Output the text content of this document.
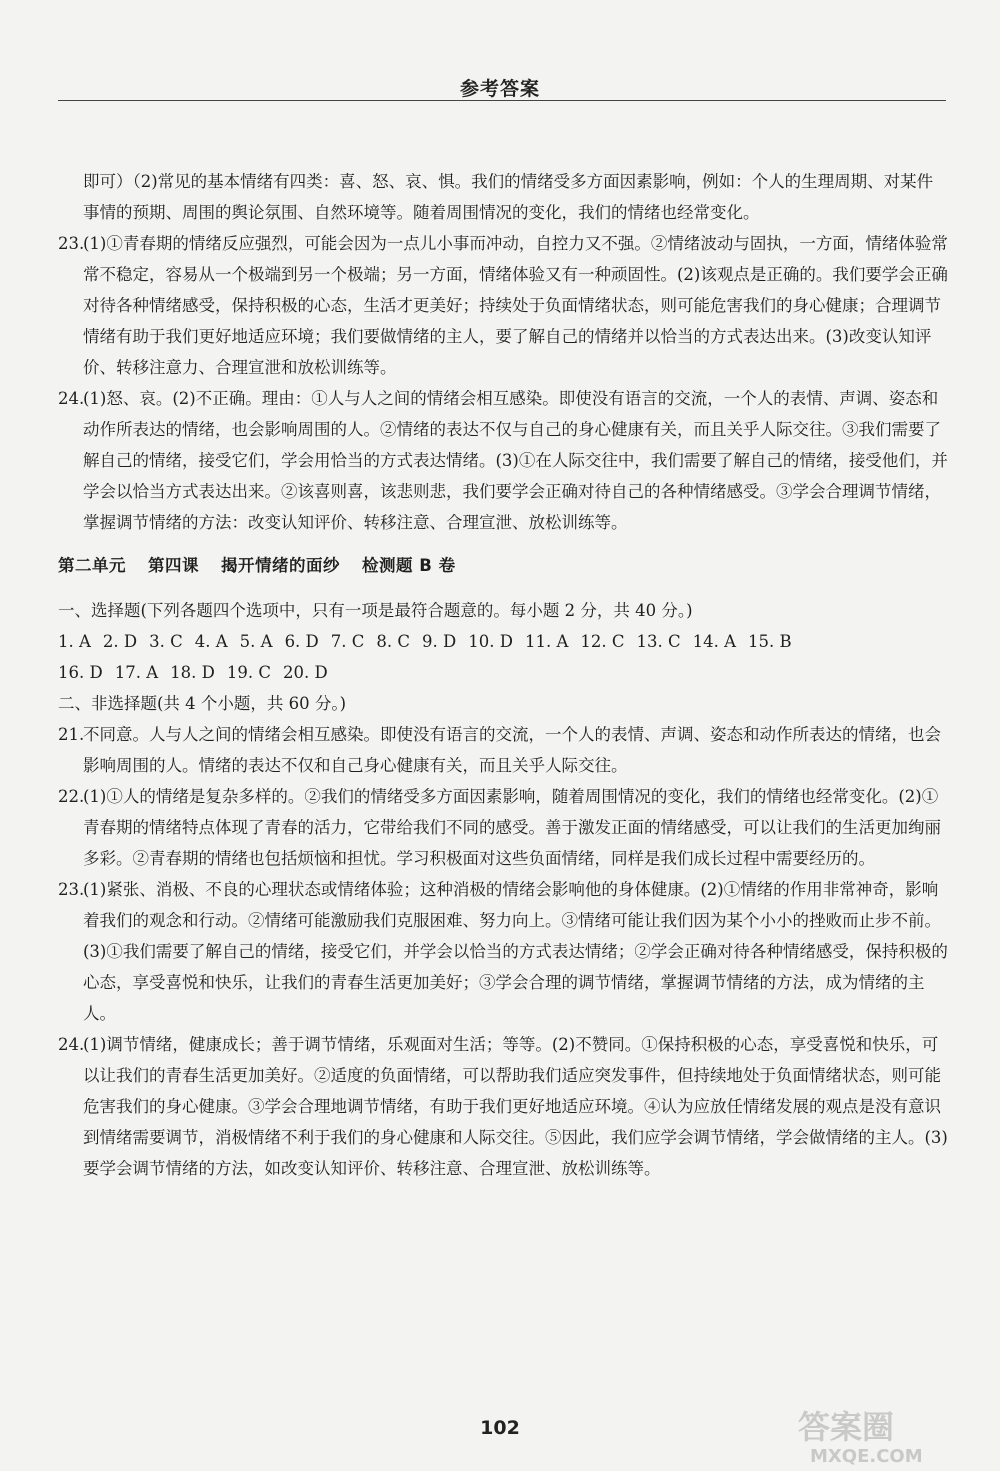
参考答案

即可）（2)常见的基本情绪有四类：喜、怒、哀、惧。我们的情绪受多方面因素影响，例如：个人的生理周期、对某件事情的预期、周围的舆论氛围、自然环境等。随着周围情况的变化，我们的情绪也经常变化。

23.(1)①青春期的情绪反应强烈，可能会因为一点儿小事而冲动，自控力又不强。②情绪波动与固执，一方面，情绪体验常常不稳定，容易从一个极端到另一个极端；另一方面，情绪体验又有一种顽固性。(2)该观点是正确的。我们要学会正确对待各种情绪感受，保持积极的心态，生活才更美好；持续处于负面情绪状态，则可能危害我们的身心健康；合理调节情绪有助于我们更好地适应环境；我们要做情绪的主人，要了解自己的情绪并以恰当的方式表达出来。(3)改变认知评价、转移注意力、合理宣泄和放松训练等。

24.(1)怒、哀。(2)不正确。理由：①人与人之间的情绪会相互感染。即使没有语言的交流，一个人的表情、声调、姿态和动作所表达的情绪，也会影响周围的人。②情绪的表达不仅与自己的身心健康有关，而且关乎人际交往。③我们需要了解自己的情绪，接受它们，学会用恰当的方式表达情绪。(3)①在人际交往中，我们需要了解自己的情绪，接受他们，并学会以恰当方式表达出来。②该喜则喜，该悲则悲，我们要学会正确对待自己的各种情绪感受。③学会合理调节情绪，掌握调节情绪的方法：改变认知评价、转移注意、合理宣泄、放松训练等。

第二单元 第四课 揭开情绪的面纱 检测题 B 卷

一、选择题(下列各题四个选项中，只有一项是最符合题意的。每小题 2 分，共 40 分。)

1. A 2. D 3. C 4. A 5. A 6. D 7. C 8. C 9. D 10. D 11. A 12. C 13. C 14. A 15. B

16. D 17. A 18. D 19. C 20. D

二、非选择题(共 4 个小题，共 60 分。)

21.不同意。人与人之间的情绪会相互感染。即使没有语言的交流，一个人的表情、声调、姿态和动作所表达的情绪，也会影响周围的人。情绪的表达不仅和自己身心健康有关，而且关乎人际交往。

22.(1)①人的情绪是复杂多样的。②我们的情绪受多方面因素影响，随着周围情况的变化，我们的情绪也经常变化。(2)①青春期的情绪特点体现了青春的活力，它带给我们不同的感受。善于激发正面的情绪感受，可以让我们的生活更加绚丽多彩。②青春期的情绪也包括烦恼和担忧。学习积极面对这些负面情绪，同样是我们成长过程中需要经历的。

23.(1)紧张、消极、不良的心理状态或情绪体验；这种消极的情绪会影响他的身体健康。(2)①情绪的作用非常神奇，影响着我们的观念和行动。②情绪可能激励我们克服困难、努力向上。③情绪可能让我们因为某个小小的挫败而止步不前。(3)①我们需要了解自己的情绪，接受它们，并学会以恰当的方式表达情绪；②学会正确对待各种情绪感受，保持积极的心态，享受喜悦和快乐，让我们的青春生活更加美好；③学会合理的调节情绪，掌握调节情绪的方法，成为情绪的主人。

24.(1)调节情绪，健康成长；善于调节情绪，乐观面对生活；等等。(2)不赞同。①保持积极的心态，享受喜悦和快乐，可以让我们的青春生活更加美好。②适度的负面情绪，可以帮助我们适应突发事件，但持续地处于负面情绪状态，则可能危害我们的身心健康。③学会合理地调节情绪，有助于我们更好地适应环境。④认为应放任情绪发展的观点是没有意识到情绪需要调节，消极情绪不利于我们的身心健康和人际交往。⑤因此，我们应学会调节情绪，学会做情绪的主人。(3)要学会调节情绪的方法，如改变认知评价、转移注意、合理宣泄、放松训练等。

102	答案圈
MXQE.COM
